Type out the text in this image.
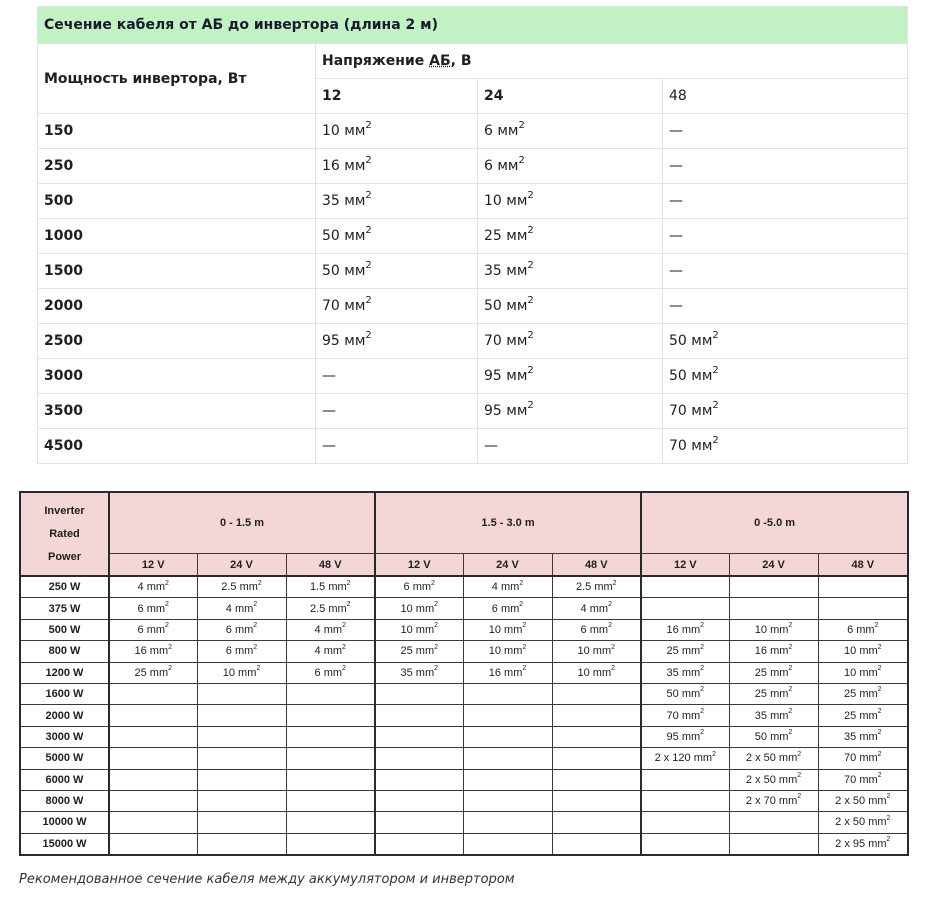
Сечение кабеля от АБ до инвертора (длина 2 м)			
Мощность инвертора, Вт	Напряжение АБ, В		
	12	24	48
150	10 $мм^2$	6 $мм^2$	—
250	16 $мм^2$	6 $мм^2$	—
500	35 $мм^2$	10 $мм^2$	—
1000	50 $мм^2$	25 $мм^2$	—
1500	50 $мм^2$	35 $мм^2$	—
2000	70 $мм^2$	50 $мм^2$	—
2500	95 $мм^2$	70 $мм^2$	50 $мм^2$
3000	—	95 $мм^2$	50 $мм^2$
3500	—	95 $мм^2$	70 $мм^2$
4500	—	—	70 $мм^2$
Inverter
Rated
Power	0 - 1.5 m			1.5 - 3.0 m			0 -5.0 m		
	12 V	24 V	48 V	12 V	24 V	48 V	12 V	24 V	48 V
250 W	4 $mm^2$	2.5 $mm^2$	1.5 $mm^2$	6 $mm^2$	4 $mm^2$	2.5 $mm^2$			
375 W	6 $mm^2$	4 $mm^2$	2.5 $mm^2$	10 $mm^2$	6 $mm^2$	4 $mm^2$			
500 W	6 $mm^2$	6 $mm^2$	4 $mm^2$	10 $mm^2$	10 $mm^2$	6 $mm^2$	16 $mm^2$	10 $mm^2$	6 $mm^2$
800 W	16 $mm^2$	6 $mm^2$	4 $mm^2$	25 $mm^2$	10 $mm^2$	10 $mm^2$	25 $mm^2$	16 $mm^2$	10 $mm^2$
1200 W	25 $mm^2$	10 $mm^2$	6 $mm^2$	35 $mm^2$	16 $mm^2$	10 $mm^2$	35 $mm^2$	25 $mm^2$	10 $mm^2$
1600 W							50 $mm^2$	25 $mm^2$	25 $mm^2$
2000 W							70 $mm^2$	35 $mm^2$	25 $mm^2$
3000 W							95 $mm^2$	50 $mm^2$	35 $mm^2$
5000 W							2 x 120 $mm^2$	2 x 50 $mm^2$	70 $mm^2$
6000 W								2 x 50 $mm^2$	70 $mm^2$
8000 W								2 x 70 $mm^2$	2 x 50 $mm^2$
10000 W									2 x 50 $mm^2$
15000 W									2 x 95 $mm^2$
Рекомендованное сечение кабеля между аккумулятором и инвертором
